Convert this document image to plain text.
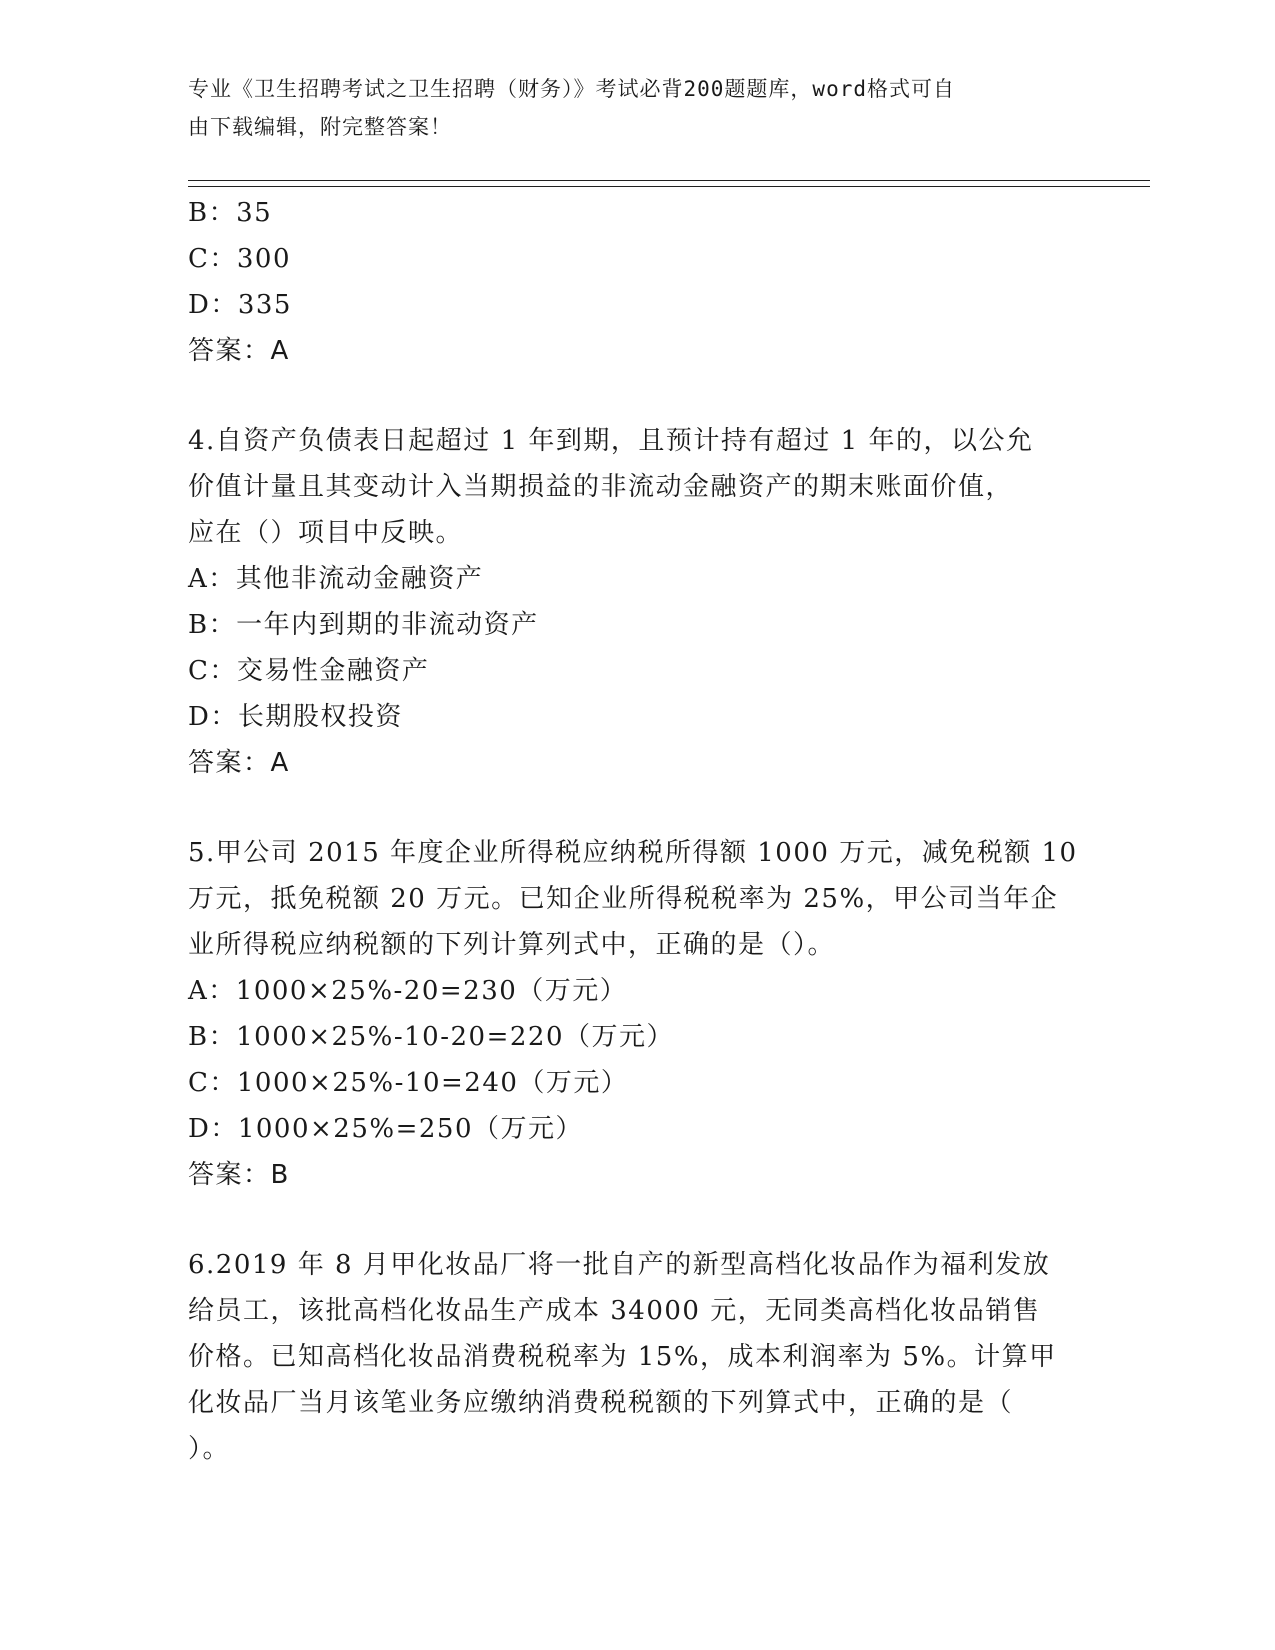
专业《卫生招聘考试之卫生招聘（财务）》考试必背200题题库，word格式可自
由下载编辑，附完整答案！
B：35
C：300
D：335
答案：A
4.自资产负债表日起超过 1 年到期，且预计持有超过 1 年的，以公允
价值计量且其变动计入当期损益的非流动金融资产的期末账面价值，
应在（）项目中反映。
A：其他非流动金融资产
B：一年内到期的非流动资产
C：交易性金融资产
D：长期股权投资
答案：A
5.甲公司 2015 年度企业所得税应纳税所得额 1000 万元，减免税额 10
万元，抵免税额 20 万元。已知企业所得税税率为 25%，甲公司当年企
业所得税应纳税额的下列计算列式中，正确的是（）。
A：1000×25%-20=230（万元）
B：1000×25%-10-20=220（万元）
C：1000×25%-10=240（万元）
D：1000×25%=250（万元）
答案：B
6.2019 年 8 月甲化妆品厂将一批自产的新型高档化妆品作为福利发放
给员工，该批高档化妆品生产成本 34000 元，无同类高档化妆品销售
价格。已知高档化妆品消费税税率为 15%，成本利润率为 5%。计算甲
化妆品厂当月该笔业务应缴纳消费税税额的下列算式中，正确的是（
）。
